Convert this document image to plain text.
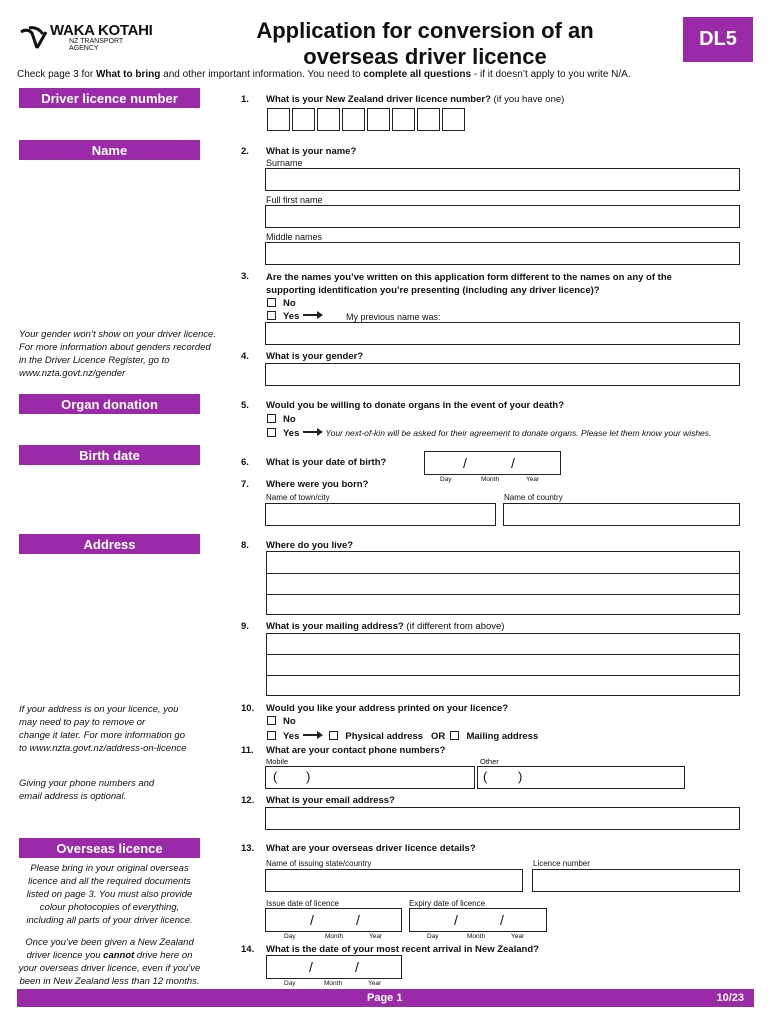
WAKA KOTAHI
NZ TRANSPORT
AGENCY
Application for conversion of an
overseas driver licence
DL5
Check page 3 for What to bring and other important information. You need to complete all questions - if it doesn’t apply to you write N/A.
Driver licence number
Name
Organ donation
Birth date
Address
Overseas licence
1. What is your New Zealand driver licence number? (if you have one)
2. What is your name?
Surname
Full first name
Middle names
3. Are the names you’ve written on this application form different to the names on any of the
supporting identification you’re presenting (including any driver licence)?
No
Yes	My previous name was:
Your gender won’t show on your driver licence.
For more information about genders recorded
in the Driver Licence Register, go to
www.nzta.govt.nz/gender
4. What is your gender?
5. Would you be willing to donate organs in the event of your death?
No
Yes	Your next-of-kin will be asked for their agreement to donate organs. Please let them know your wishes.
6. What is your date of birth?	/	/
Day	Month	Year
7. Where were you born?
Name of town/city	Name of country
8. Where do you live?
9. What is your mailing address? (if different from above)
If your address is on your licence, you
may need to pay to remove or
change it later. For more information go
to www.nzta.govt.nz/address-on-licence
10. Would you like your address printed on your licence?
No
Yes	Physical address OR Mailing address
11. What are your contact phone numbers?
Mobile	Other
( )	( )
Giving your phone numbers and
email address is optional.	12. What is your email address?
Please bring in your original overseas
licence and all the required documents
listed on page 3. You must also provide
colour photocopies of everything,
including all parts of your driver licence.
Once you’ve been given a New Zealand
driver licence you cannot drive here on
your overseas driver licence, even if you’ve
been in New Zealand less than 12 months.
13. What are your overseas driver licence details?
Name of issuing state/country	Licence number
Issue date of licence	Expiry date of licence
/	/
Day	Month	Year
/	/
Day	Month	Year
14. What is the date of your most recent arrival in New Zealand?
/	/
Day	Month	Year
Page 1	10/23
